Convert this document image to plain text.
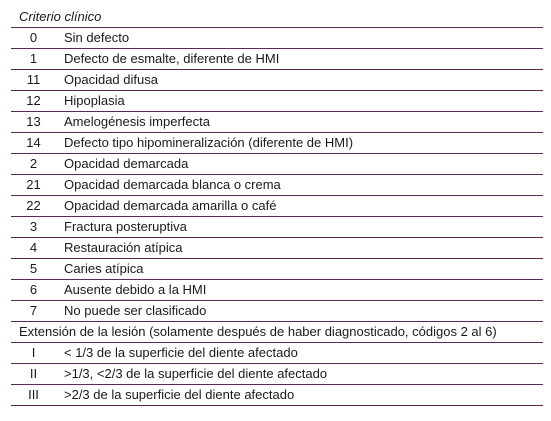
Criterio clínico	
0	Sin defecto
1	Defecto de esmalte, diferente de HMI
11	Opacidad difusa
12	Hipoplasia
13	Amelogénesis imperfecta
14	Defecto tipo hipomineralización (diferente de HMI)
2	Opacidad demarcada
21	Opacidad demarcada blanca o crema
22	Opacidad demarcada amarilla o café
3	Fractura posteruptiva
4	Restauración atípica
5	Caries atípica
6	Ausente debido a la HMI
7	No puede ser clasificado
Extensión de la lesión (solamente después de haber diagnosticado, códigos 2 al 6)	
I	< 1/3 de la superficie del diente afectado
II	>1/3, <2/3 de la superficie del diente afectado
III	>2/3 de la superficie del diente afectado
